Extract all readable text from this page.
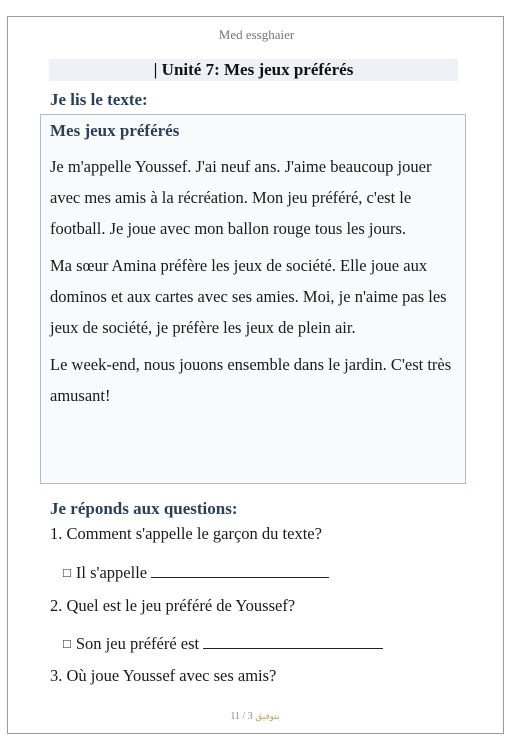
Med essghaier
| Unité 7: Mes jeux préférés
Je lis le texte:
Mes jeux préférés

Je m'appelle Youssef. J'ai neuf ans. J'aime beaucoup jouer avec mes amis à la récréation. Mon jeu préféré, c'est le football. Je joue avec mon ballon rouge tous les jours.

Ma sœur Amina préfère les jeux de société. Elle joue aux dominos et aux cartes avec ses amies. Moi, je n'aime pas les jeux de société, je préfère les jeux de plein air.

Le week-end, nous jouons ensemble dans le jardin. C'est très amusant!

Je réponds aux questions:
1. Comment s'appelle le garçon du texte?
□ Il s'appelle
2. Quel est le jeu préféré de Youssef?
□ Son jeu préféré est
3. Où joue Youssef avec ses amis?
ﺑﺘﻮﻓﻴﻖ 3 / 11
